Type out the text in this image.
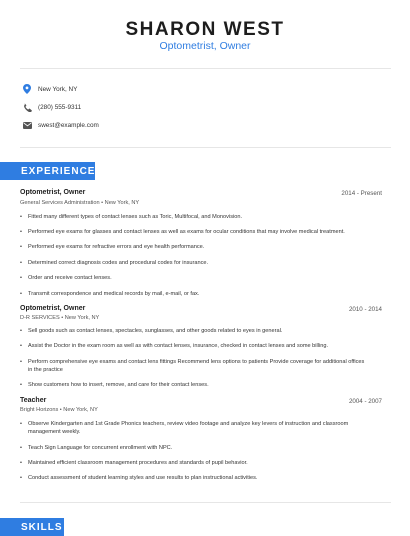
SHARON WEST
Optometrist, Owner
New York, NY
(280) 555-9311
swest@example.com
EXPERIENCE
Optometrist, Owner	2014 - Present
General Services Administration • New York, NY
•	Fitted many different types of contact lenses such as Toric, Multifocal, and Monovision.
•	Performed eye exams for glasses and contact lenses as well as exams for ocular conditions that may involve medical treatment.
•	Performed eye exams for refractive errors and eye health performance.
•	Determined correct diagnosis codes and procedural codes for insurance.
•	Order and receive contact lenses.
•	Transmit correspondence and medical records by mail, e-mail, or fax.
Optometrist, Owner	2010 - 2014
D-R SERVICES • New York, NY
•	Sell goods such as contact lenses, spectacles, sunglasses, and other goods related to eyes in general.
•	Assist the Doctor in the exam room as well as with contact lenses, insurance, checked in contact lenses and some billing.
•	Perform comprehensive eye exams and contact lens fittings Recommend lens options to patients Provide coverage for additional offices in the practice
•	Show customers how to insert, remove, and care for their contact lenses.
Teacher	2004 - 2007
Bright Horizons • New York, NY
•	Observe Kindergarten and 1st Grade Phonics teachers, review video footage and analyze key levers of instruction and classroom management weekly.
•	Teach Sign Language for concurrent enrollment with NPC.
•	Maintained efficient classroom management procedures and standards of pupil behavior.
•	Conduct assessment of student learning styles and use results to plan instructional activities.
SKILLS
